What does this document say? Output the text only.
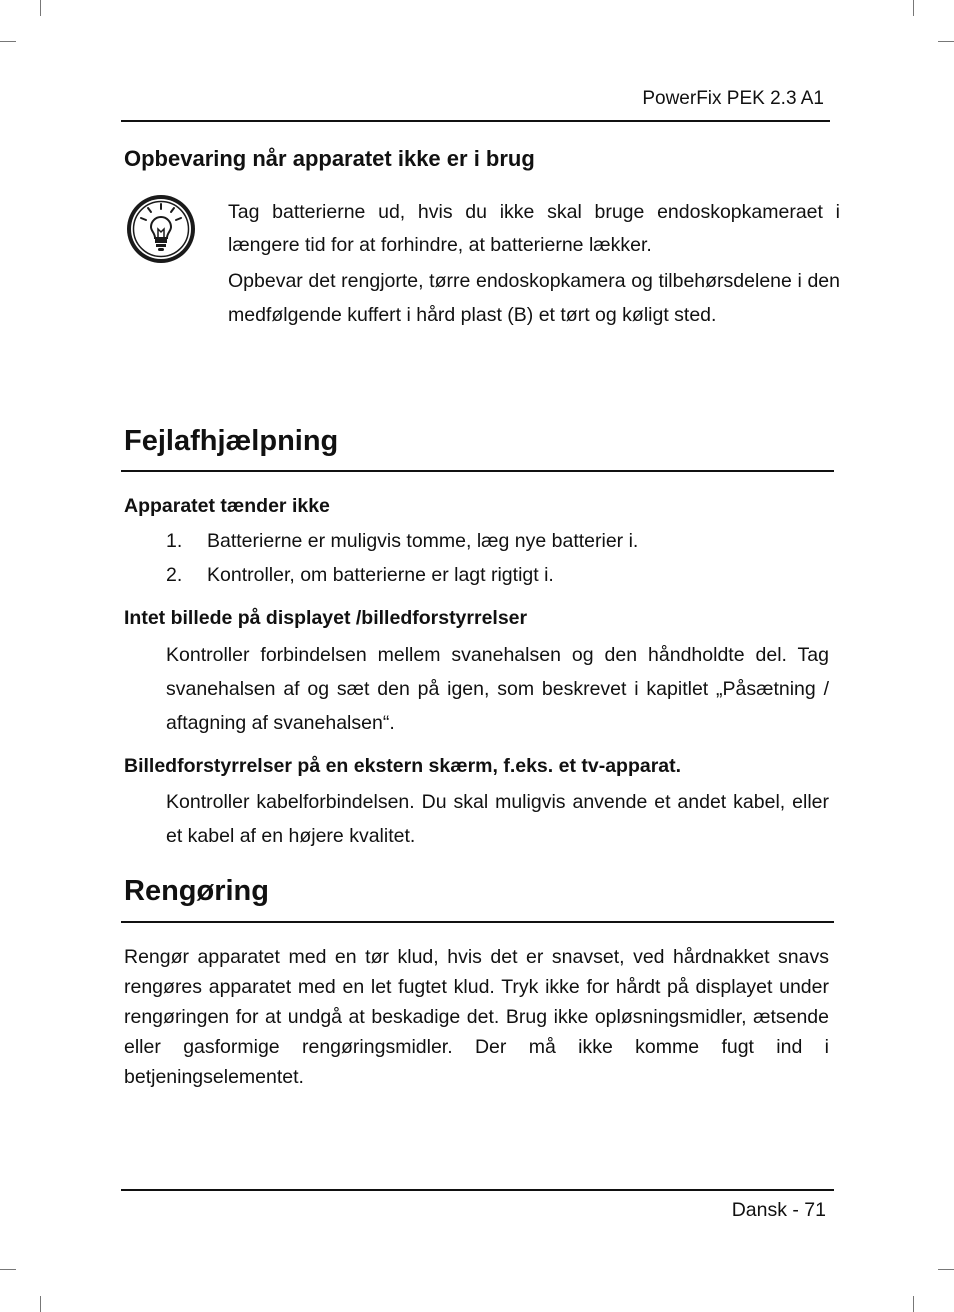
PowerFix PEK 2.3 A1
Opbevaring når apparatet ikke er i brug
Tag batterierne ud, hvis du ikke skal bruge endoskopkameraet i længere tid for at forhindre, at batterierne lækker.
Opbevar det rengjorte, tørre endoskopkamera og tilbehørsdelene i den medfølgende kuffert i hård plast (B) et tørt og køligt sted.
Fejlafhjælpning
Apparatet tænder ikke
1. Batterierne er muligvis tomme, læg nye batterier i.
2. Kontroller, om batterierne er lagt rigtigt i.
Intet billede på displayet /billedforstyrrelser
Kontroller forbindelsen mellem svanehalsen og den håndholdte del. Tag svanehalsen af og sæt den på igen, som beskrevet i kapitlet „Påsætning / aftagning af svanehalsen“.
Billedforstyrrelser på en ekstern skærm, f.eks. et tv-apparat.
Kontroller kabelforbindelsen. Du skal muligvis anvende et andet kabel, eller et kabel af en højere kvalitet.
Rengøring
Rengør apparatet med en tør klud, hvis det er snavset, ved hårdnakket snavs rengøres apparatet med en let fugtet klud. Tryk ikke for hårdt på displayet under rengøringen for at undgå at beskadige det. Brug ikke opløsningsmidler, ætsende eller gasformige rengøringsmidler. Der må ikke komme fugt ind i betjeningselementet.
Dansk - 71
